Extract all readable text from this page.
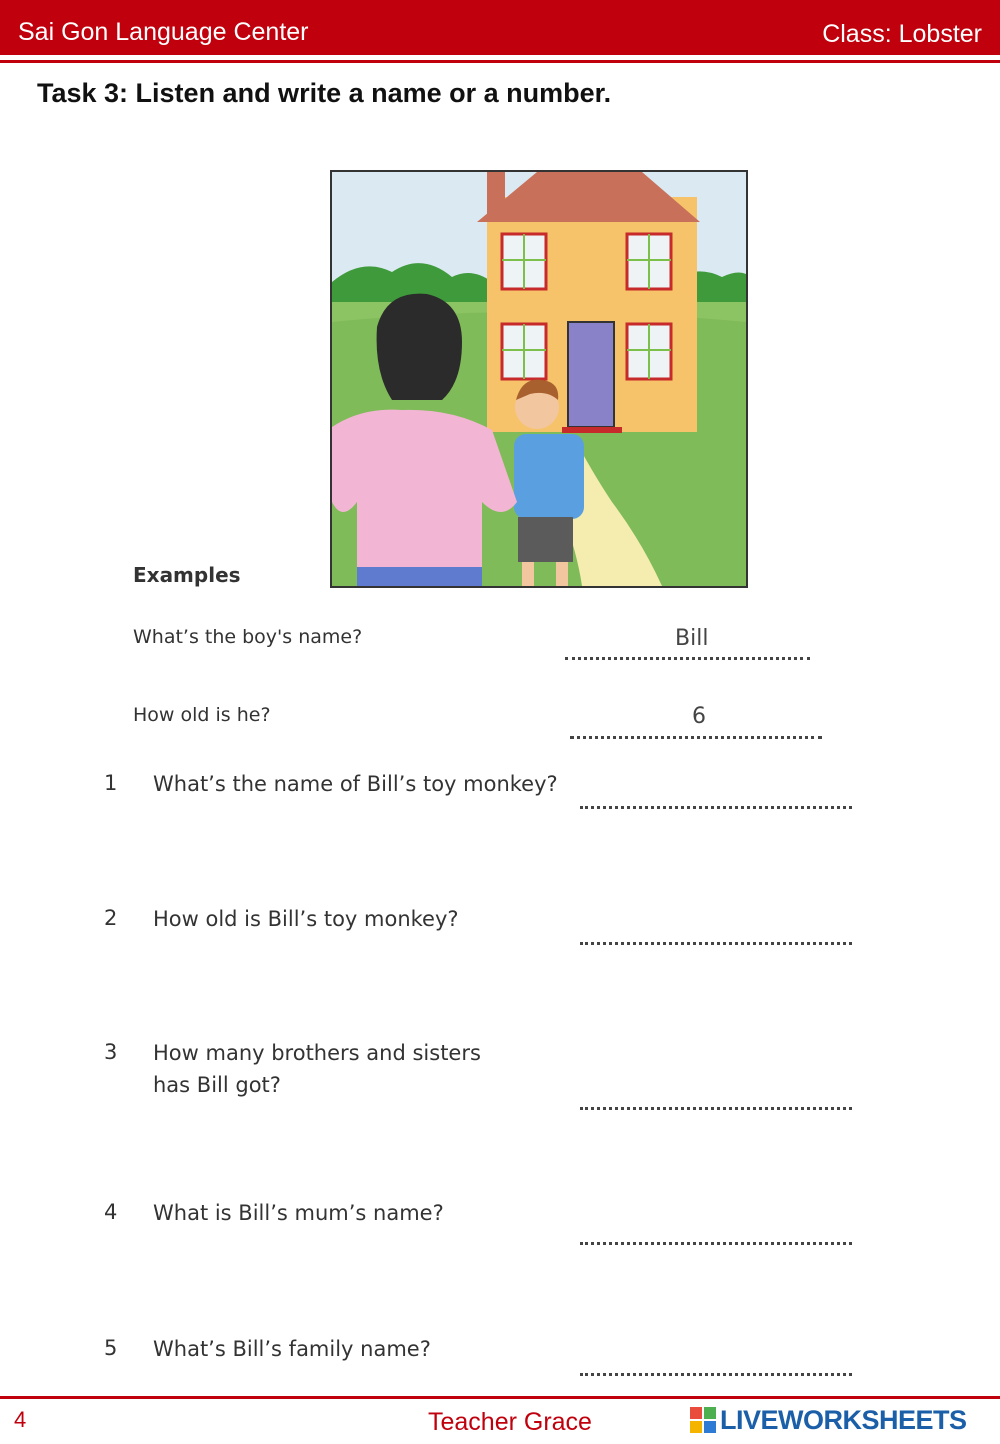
Sai Gon Language Center	Class: Lobster
Task 3: Listen and write a name or a number.
Examples
What’s the boy's name?	Bill
How old is he?	6
1 What’s the name of Bill’s toy monkey?
2 How old is Bill’s toy monkey?
3 How many brothers and sisters
has Bill got?
4 What is Bill’s mum’s name?
5 What’s Bill’s family name?
4	Teacher Grace	LIVEWORKSHEETS
